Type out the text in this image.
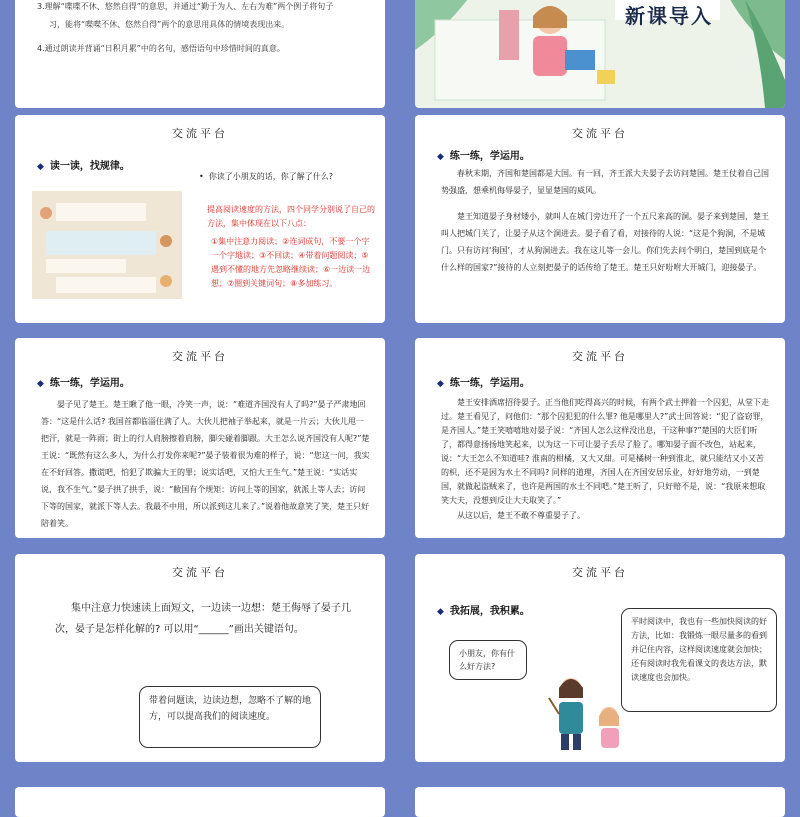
3.理解“喋喋不休、悠然自得”的意思，并通过“勤于为人、左右为难”两个例子将句子
习，能将“喋喋不休、悠然自得”两个的意思用具体的情境表现出来。
4.通过朗读并背诵“日积月累”中的名句，感悟语句中珍惜时间的真意。
新课导入
交流平台
◆ 读一读，找规律。
•  你读了小朋友的话，你了解了什么?
提高阅读速度的方法，四个同学分别说了自己的方法，集中体现在以下八点：
①集中注意力阅读；②连词成句，不要一个字一个字地读；③不回读；④带着问题阅读；⑤遇到不懂的地方先忽略继续读；⑥一边读一边想；⑦圈到关键词句；⑧多加练习。
交流平台
◆ 练一练，学运用。
春秋末期，齐国和楚国都是大国。有一回，齐王派大夫晏子去访问楚国。楚王仗着自己国势强盛，想乘机侮辱晏子，显显楚国的威风。
楚王知道晏子身材矮小，就叫人在城门旁边开了一个五尺来高的洞。晏子来到楚国，楚王叫人把城门关了，让晏子从这个洞进去。晏子看了看，对接待的人说：“这是个狗洞，不是城门。只有访问‘狗国’，才从狗洞进去。我在这儿等一会儿。你们先去问个明白，楚国到底是个什么样的国家?”接待的人立刻把晏子的话传给了楚王。楚王只好吩咐大开城门，迎接晏子。
交流平台
◆ 练一练，学运用。
晏子见了楚王。楚王瞅了他一眼，冷笑一声，说：“难道齐国没有人了吗?”晏子严肃地回答：“这是什么话? 我国首都临淄住满了人。大伙儿把袖子举起来，就是一片云；大伙儿甩一把汗，就是一阵雨；街上的行人肩膀擦着肩膀，脚尖碰着脚跟。大王怎么说齐国没有人呢?”楚王说：“既然有这么多人，为什么打发你来呢?”晏子装着很为难的样子，说：“您这一问，我实在不好回答。撒谎吧，怕犯了欺骗大王的罪；说实话吧，又怕大王生气。”楚王说：“实话实说，我不生气。”晏子拱了拱手，说：“敝国有个规矩：访问上等的国家，就派上等人去；访问下等的国家，就派下等人去。我最不中用，所以派到这儿来了。”说着他故意笑了笑，楚王只好陪着笑。
交流平台
◆ 练一练，学运用。
楚王安排酒席招待晏子。正当他们吃得高兴的时候，有两个武士押着一个囚犯，从堂下走过。楚王看见了，问他们：“那个囚犯犯的什么罪? 他是哪里人?”武士回答说：“犯了盗窃罪，是齐国人。”楚王笑嘻嘻地对晏子说：“齐国人怎么这样没出息，干这种事?”楚国的大臣们听了，都得意扬扬地笑起来，以为这一下可让晏子丢尽了脸了。哪知晏子面不改色，站起来，说：“大王怎么不知道哇? 淮南的柑橘，又大又甜。可是橘树一种到淮北，就只能结又小又苦的枳，还不是因为水土不同吗? 同样的道理，齐国人在齐国安居乐业，好好地劳动，一到楚国，就做起盗贼来了，也许是两国的水土不同吧。”楚王听了，只好赔不是，说：“我原来想取笑大夫，没想到反让大夫取笑了。”
从这以后，楚王不敢不尊重晏子了。
交流平台
集中注意力快速读上面短文，一边读一边想：楚王侮辱了晏子几次，晏子是怎样化解的? 可以用“______”画出关键语句。
带着问题读，边读边想，忽略不了解的地方，可以提高我们的阅读速度。
交流平台
◆ 我拓展，我积累。
小朋友，你有什么好方法?
平时阅读中，我也有一些加快阅读的好方法，比如：我锻炼一眼尽量多的看到并记住内容，这样阅读速度就会加快；还有阅读时我先看课文的表达方法，默读速度也会加快。
